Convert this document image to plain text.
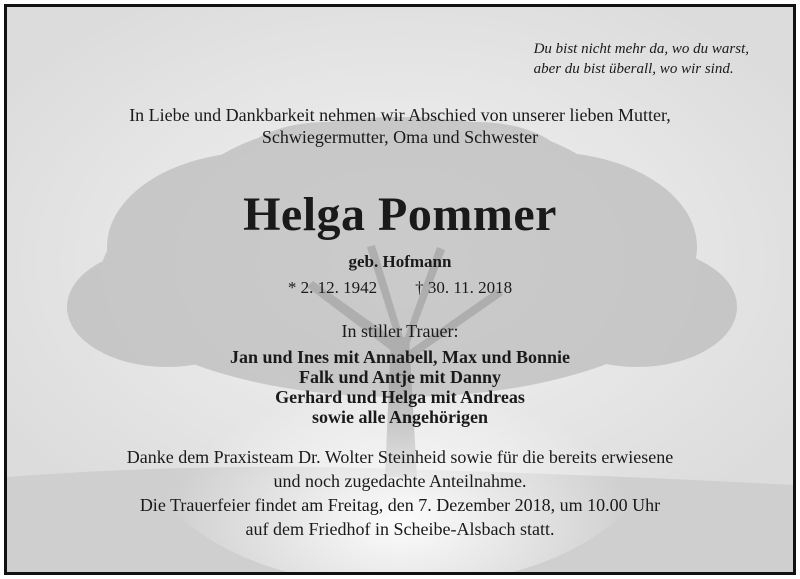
Du bist nicht mehr da, wo du warst,
aber du bist überall, wo wir sind.
In Liebe und Dankbarkeit nehmen wir Abschied von unserer lieben Mutter,
Schwiegermutter, Oma und Schwester
Helga Pommer
geb. Hofmann
* 2. 12. 1942 † 30. 11. 2018
In stiller Trauer:
Jan und Ines mit Annabell, Max und Bonnie
Falk und Antje mit Danny
Gerhard und Helga mit Andreas
sowie alle Angehörigen
Danke dem Praxisteam Dr. Wolter Steinheid sowie für die bereits erwiesene
und noch zugedachte Anteilnahme.
Die Trauerfeier findet am Freitag, den 7. Dezember 2018, um 10.00 Uhr
auf dem Friedhof in Scheibe-Alsbach statt.
